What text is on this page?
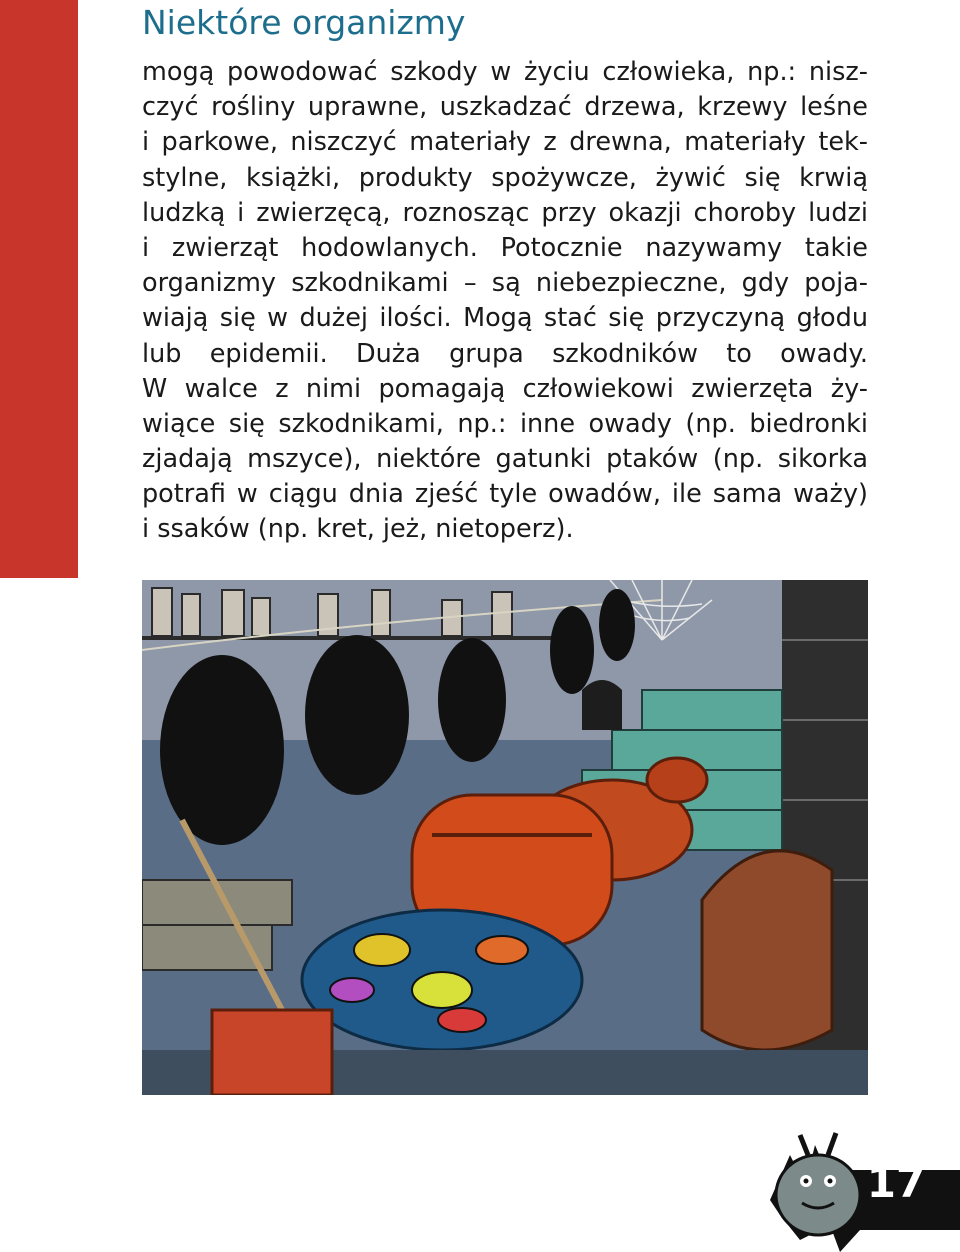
Niektóre organizmy
mogą powodować szkody w życiu człowieka, np.: nisz-
czyć rośliny uprawne, uszkadzać drzewa, krzewy leśne
i parkowe, niszczyć materiały z drewna, materiały tek-
stylne, książki, produkty spożywcze, żywić się krwią
ludzką i zwierzęcą, roznosząc przy okazji choroby ludzi
i zwierząt hodowlanych. Potocznie nazywamy takie
organizmy szkodnikami – są niebezpieczne, gdy poja-
wiają się w dużej ilości. Mogą stać się przyczyną głodu
lub epidemii. Duża grupa szkodników to owady.
W walce z nimi pomagają człowiekowi zwierzęta ży-
wiące się szkodnikami, np.: inne owady (np. biedronki
zjadają mszyce), niektóre gatunki ptaków (np. sikorka
potrafi w ciągu dnia zjeść tyle owadów, ile sama waży)
i ssaków (np. kret, jeż, nietoperz).
17
